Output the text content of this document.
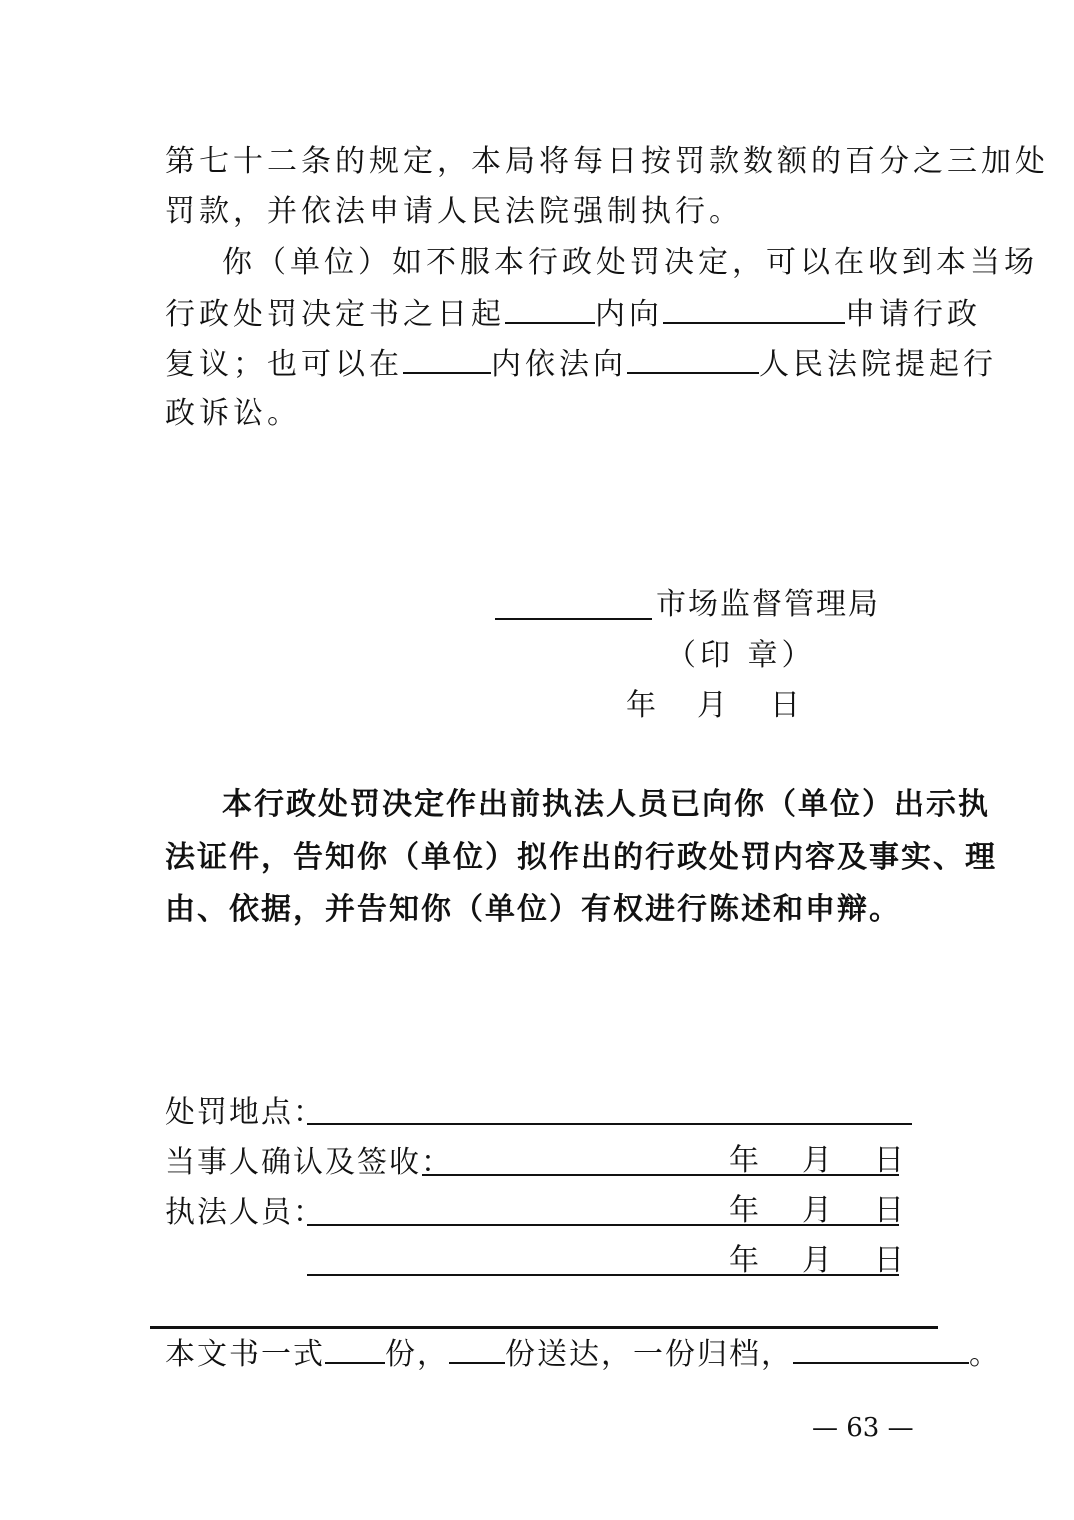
第七十二条的规定，本局将每日按罚款数额的百分之三加处
罚款，并依法申请人民法院强制执行。
你（单位）如不服本行政处罚决定，可以在收到本当场
行政处罚决定书之日起	内向	申请行政
复议；也可以在	内依法向	人民法院提起行
政诉讼。
市场监督管理局
（印 章）
年 月 日
本行政处罚决定作出前执法人员已向你（单位）出示执
法证件，告知你（单位）拟作出的行政处罚内容及事实、理
由、依据，并告知你（单位）有权进行陈述和申辩。
处罚地点：
当事人确认及签收：	年 月 日
执法人员：	年 月 日
年 月 日
本文书一式 份， 份送达，一份归档，	。
— 63 —
